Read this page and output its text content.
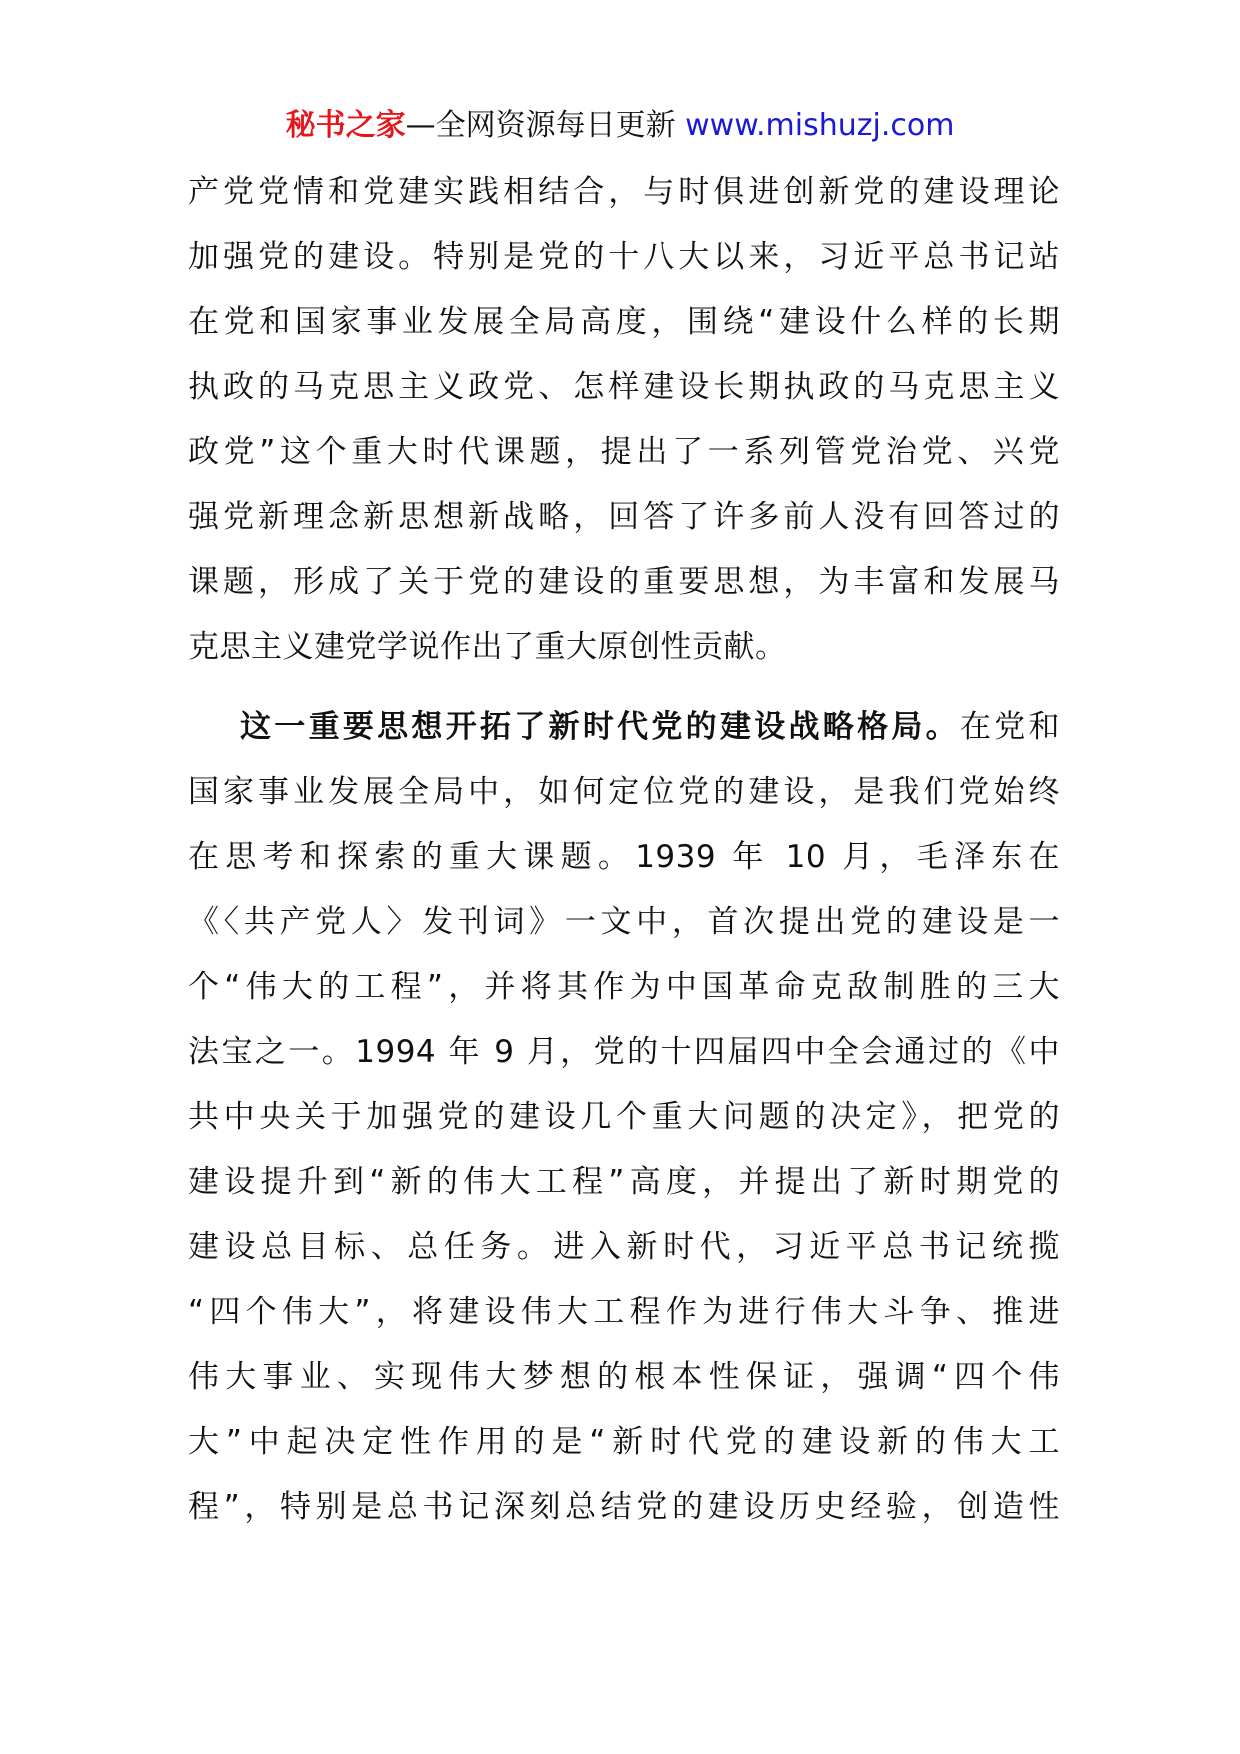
秘书之家—全网资源每日更新 www.mishuzj.com
产党党情和党建实践相结合，与时俱进创新党的建设理论
加强党的建设。特别是党的十八大以来，习近平总书记站
在党和国家事业发展全局高度，围绕“建设什么样的长期
执政的马克思主义政党、怎样建设长期执政的马克思主义
政党”这个重大时代课题，提出了一系列管党治党、兴党
强党新理念新思想新战略，回答了许多前人没有回答过的
课题，形成了关于党的建设的重要思想，为丰富和发展马
克思主义建党学说作出了重大原创性贡献。
这一重要思想开拓了新时代党的建设战略格局。在党和
国家事业发展全局中，如何定位党的建设，是我们党始终
在思考和探索的重大课题。1939 年 10 月，毛泽东在
《〈共产党人〉发刊词》一文中，首次提出党的建设是一
个“伟大的工程”，并将其作为中国革命克敌制胜的三大
法宝之一。1994 年 9 月，党的十四届四中全会通过的《中
共中央关于加强党的建设几个重大问题的决定》，把党的
建设提升到“新的伟大工程”高度，并提出了新时期党的
建设总目标、总任务。进入新时代，习近平总书记统揽
“四个伟大”，将建设伟大工程作为进行伟大斗争、推进
伟大事业、实现伟大梦想的根本性保证，强调“四个伟
大”中起决定性作用的是“新时代党的建设新的伟大工
程”，特别是总书记深刻总结党的建设历史经验，创造性
